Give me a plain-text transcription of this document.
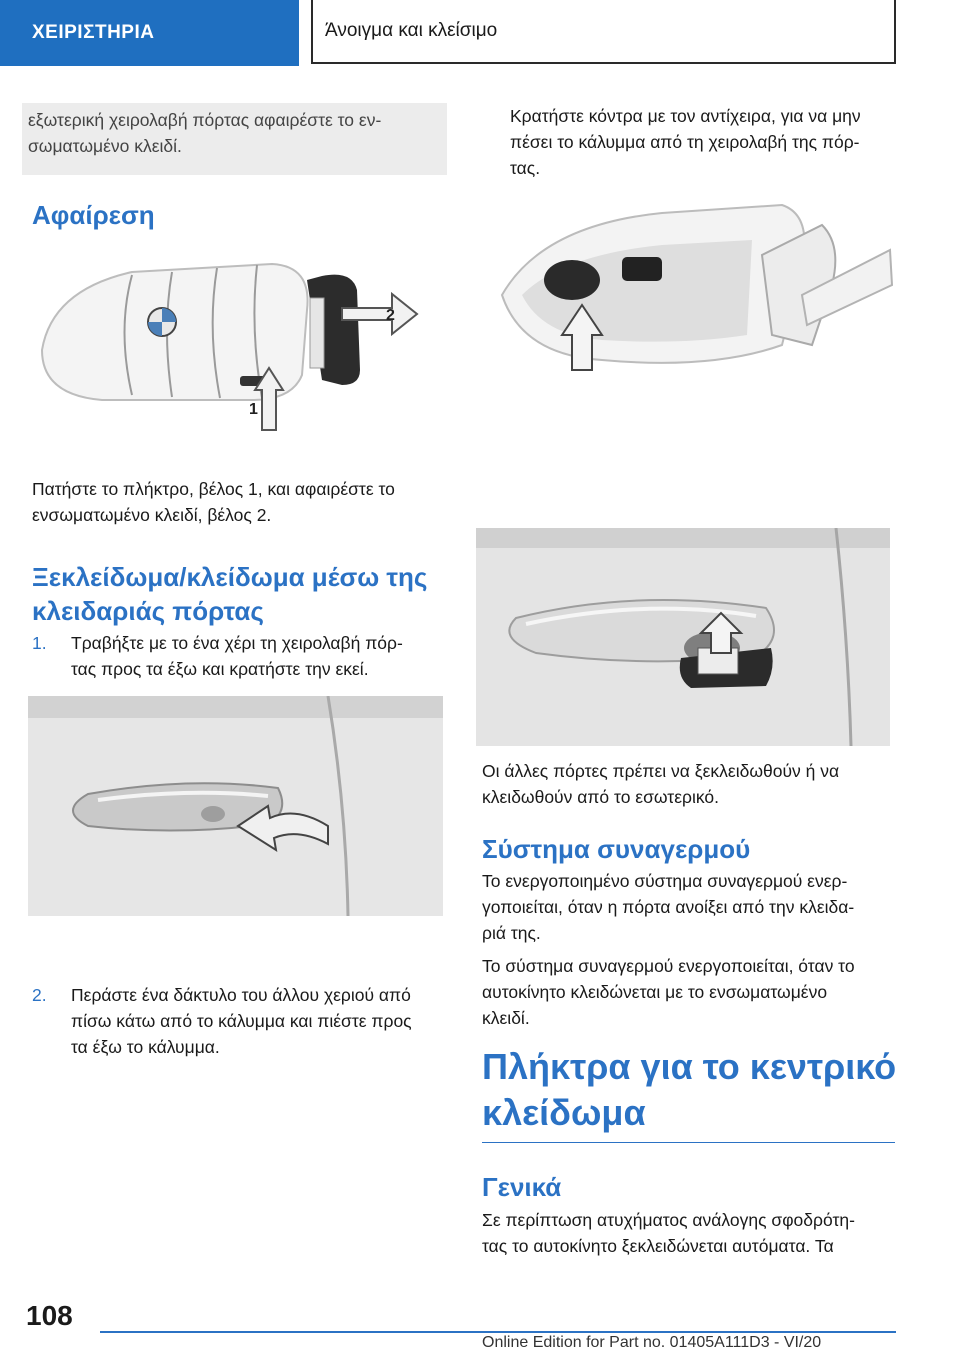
ΧΕΙΡΙΣΤΗΡΙΑ	Άνοιγμα και κλείσιμο

εξωτερική χειρολαβή πόρτας αφαιρέστε το εν-

σωματωμένο κλειδί.

Αφαίρεση
2
1

Πατήστε το πλήκτρο, βέλος 1, και αφαιρέστε το

ενσωματωμένο κλειδί, βέλος 2.

Ξεκλείδωμα/κλείδωμα μέσω της
κλειδαριάς πόρτας
1. Τραβήξτε με το ένα χέρι τη χειρολαβή πόρ-

τας προς τα έξω και κρατήστε την εκεί.

2. Περάστε ένα δάκτυλο του άλλου χεριού από

πίσω κάτω από το κάλυμμα και πιέστε προς

τα έξω το κάλυμμα.

Κρατήστε κόντρα με τον αντίχειρα, για να μην

πέσει το κάλυμμα από τη χειρολαβή της πόρ-

τας.

Οι άλλες πόρτες πρέπει να ξεκλειδωθούν ή να

κλειδωθούν από το εσωτερικό.

Σύστημα συναγερμού

Το ενεργοποιημένο σύστημα συναγερμού ενερ-

γοποιείται, όταν η πόρτα ανοίξει από την κλειδα-

ριά της.

Το σύστημα συναγερμού ενεργοποιείται, όταν το

αυτοκίνητο κλειδώνεται με το ενσωματωμένο

κλειδί.

Πλήκτρα για το κεντρικό
κλείδωμα
Γενικά

Σε περίπτωση ατυχήματος ανάλογης σφοδρότη-

τας το αυτοκίνητο ξεκλειδώνεται αυτόματα. Τα

108
Online Edition for Part no. 01405A111D3 - VI/20
